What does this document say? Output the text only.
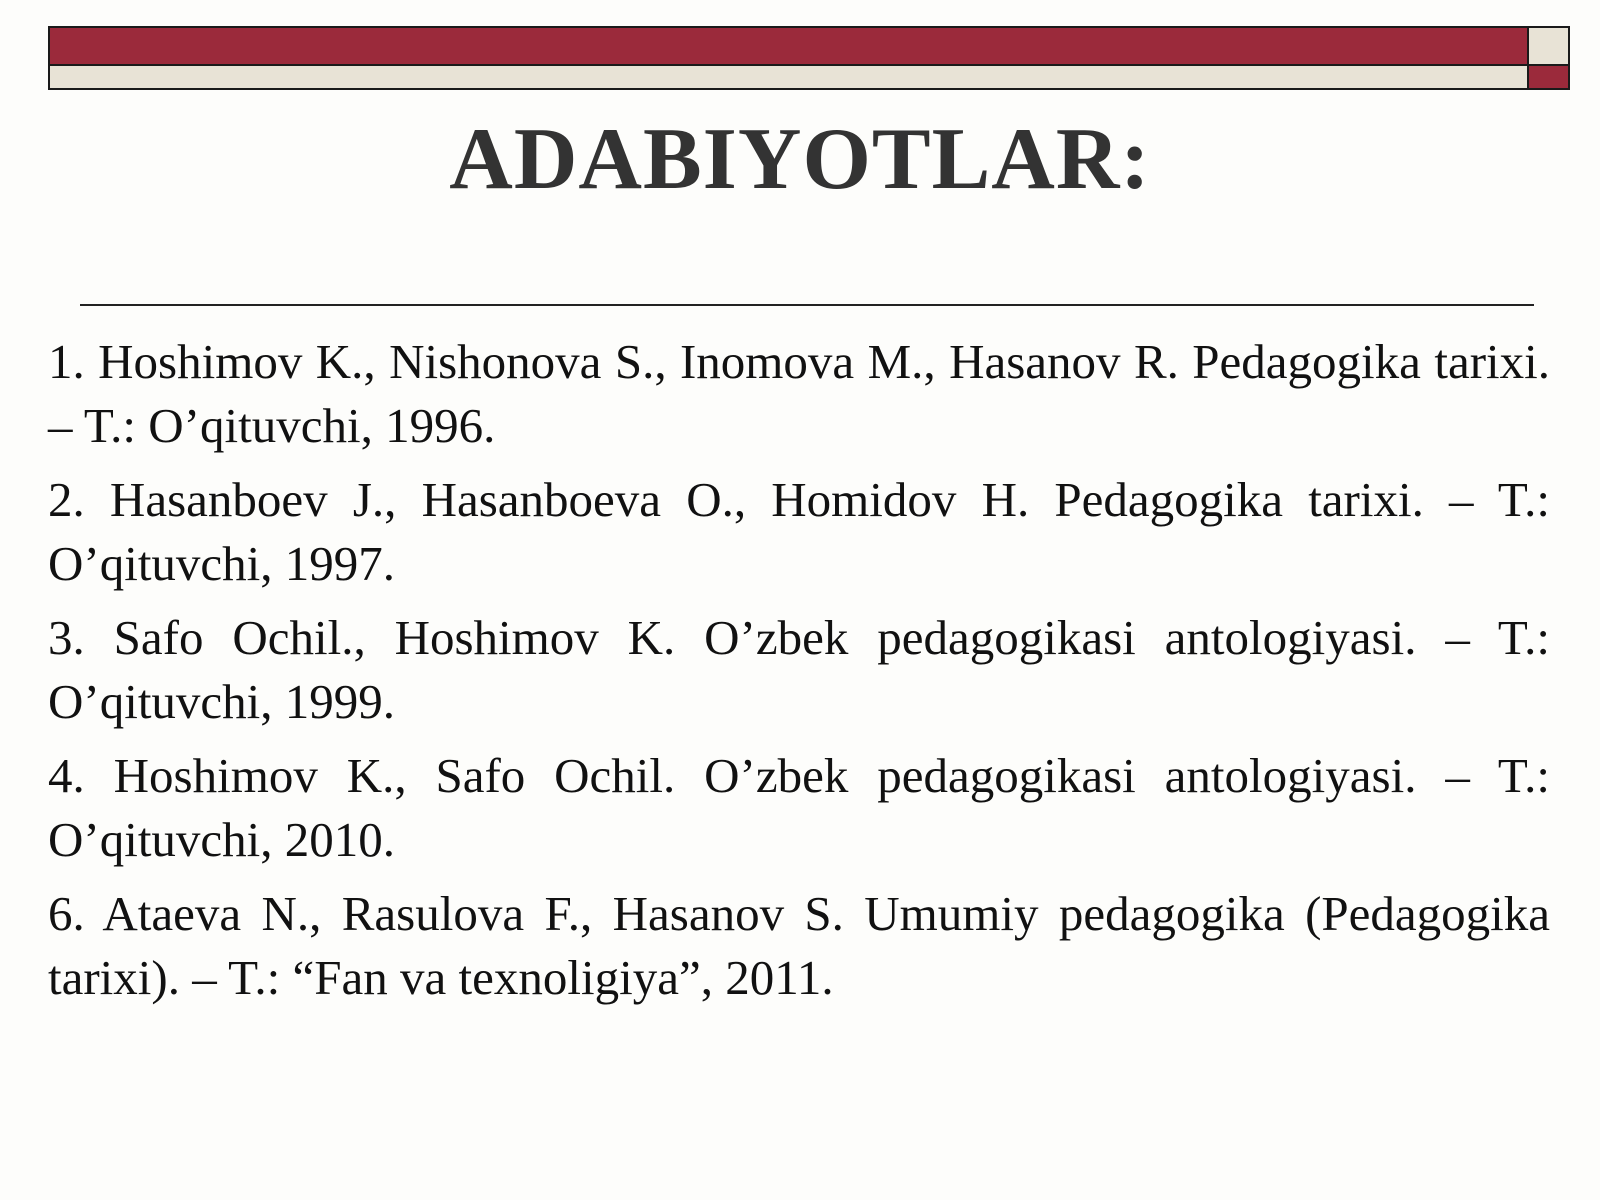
ADABIYOTLAR:

1. Hoshimov K., Nishonova S., Inomova M., Hasanov R. Pedagogika tarixi. – T.: O’qituvchi, 1996.

2. Hasanboev J., Hasanboeva O., Homidov H. Pedagogika tarixi. – T.: O’qituvchi, 1997.

3. Safo Ochil., Hoshimov K. O’zbek pedagogikasi antologiyasi. – T.: O’qituvchi, 1999.

4. Hoshimov K., Safo Ochil. O’zbek pedagogikasi antologiyasi. – T.: O’qituvchi, 2010.

6. Ataeva N., Rasulova F., Hasanov S. Umumiy pedagogika (Pedagogika tarixi). – T.: “Fan va texnoligiya”, 2011.
